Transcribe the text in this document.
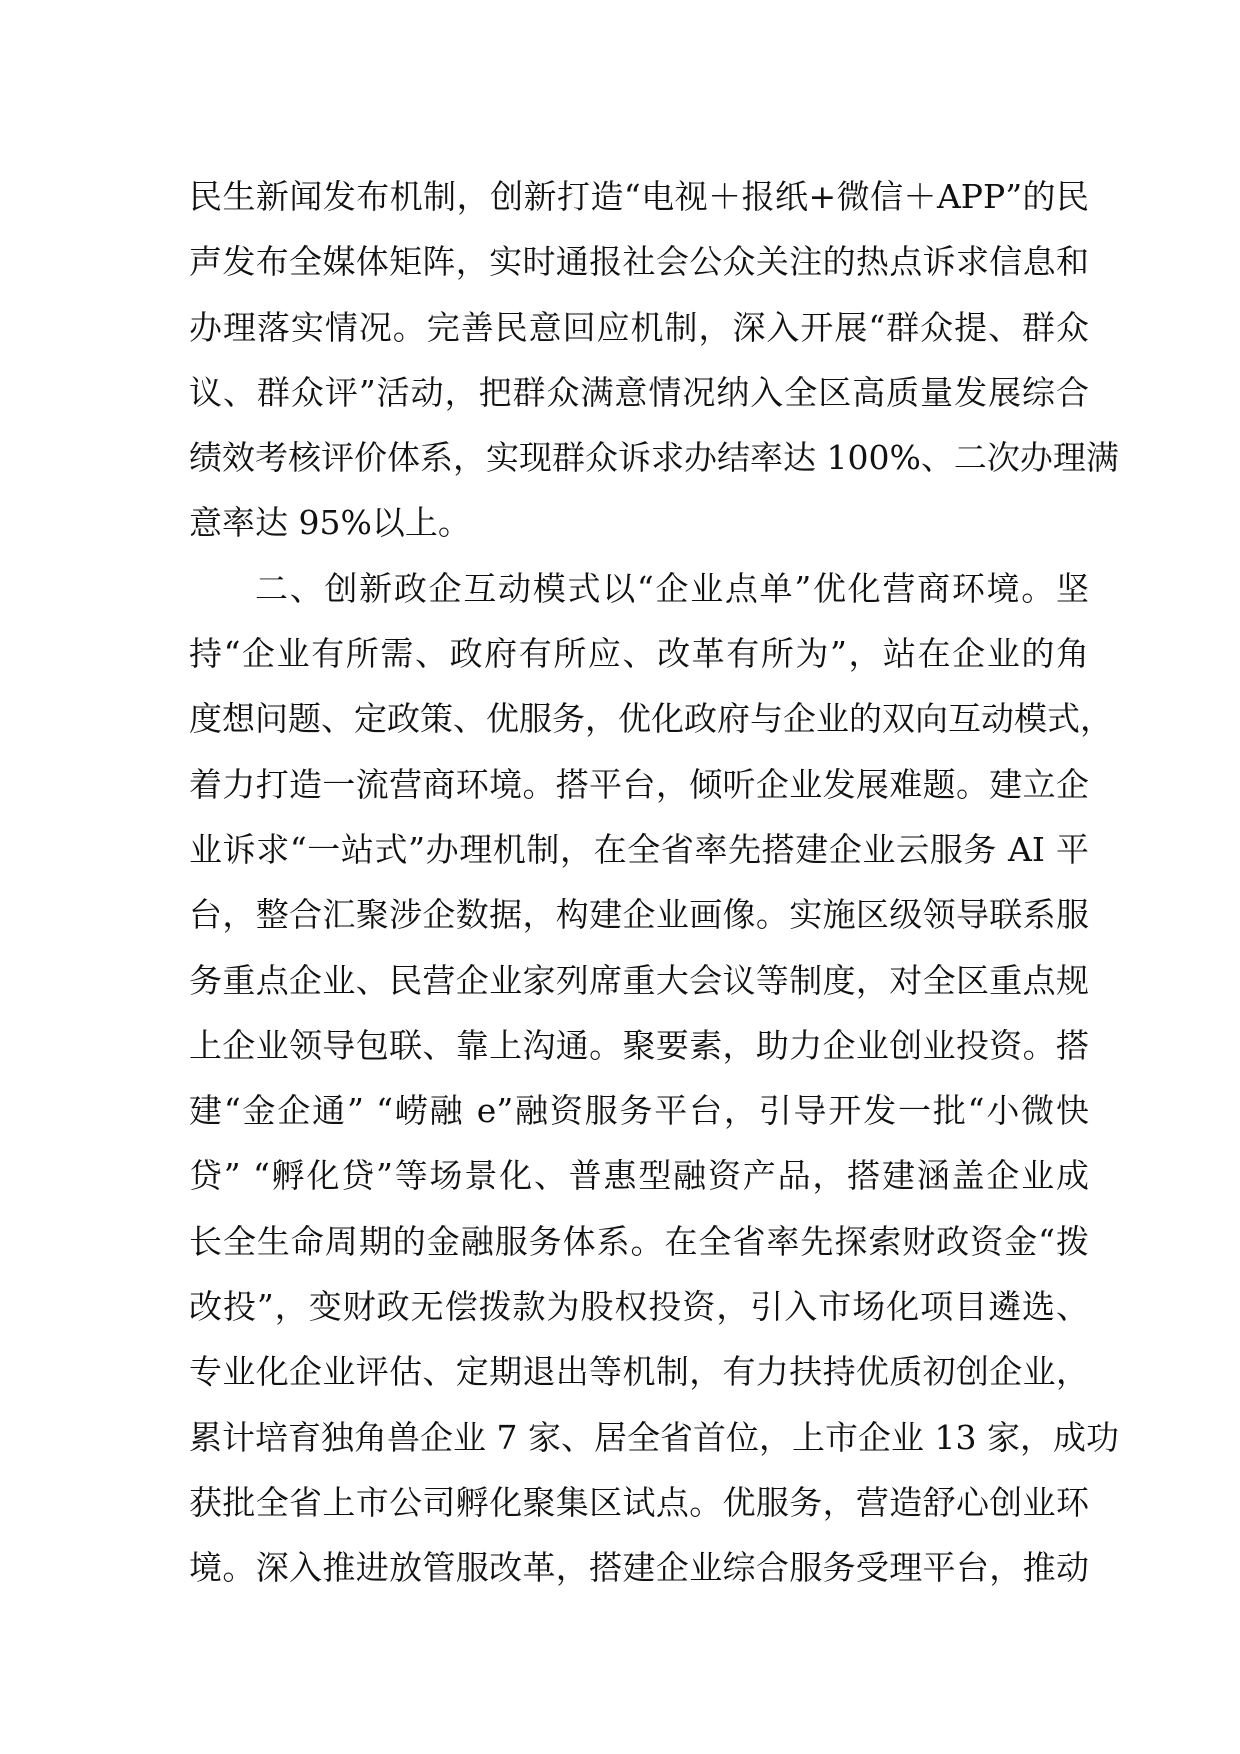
民生新闻发布机制，创新打造“电视＋报纸+微信＋APP”的民
声发布全媒体矩阵，实时通报社会公众关注的热点诉求信息和
办理落实情况。完善民意回应机制，深入开展“群众提、群众
议、群众评”活动，把群众满意情况纳入全区高质量发展综合
绩效考核评价体系，实现群众诉求办结率达 100%、二次办理满
意率达 95%以上。
二、创新政企互动模式以“企业点单”优化营商环境。坚
持“企业有所需、政府有所应、改革有所为”，站在企业的角
度想问题、定政策、优服务，优化政府与企业的双向互动模式，
着力打造一流营商环境。搭平台，倾听企业发展难题。建立企
业诉求“一站式”办理机制，在全省率先搭建企业云服务 AI 平
台，整合汇聚涉企数据，构建企业画像。实施区级领导联系服
务重点企业、民营企业家列席重大会议等制度，对全区重点规
上企业领导包联、靠上沟通。聚要素，助力企业创业投资。搭
建“金企通” “崂融 e”融资服务平台，引导开发一批“小微快
贷” “孵化贷”等场景化、普惠型融资产品，搭建涵盖企业成
长全生命周期的金融服务体系。在全省率先探索财政资金“拨
改投”，变财政无偿拨款为股权投资，引入市场化项目遴选、
专业化企业评估、定期退出等机制，有力扶持优质初创企业，
累计培育独角兽企业 7 家、居全省首位，上市企业 13 家，成功
获批全省上市公司孵化聚集区试点。优服务，营造舒心创业环
境。深入推进放管服改革，搭建企业综合服务受理平台，推动
